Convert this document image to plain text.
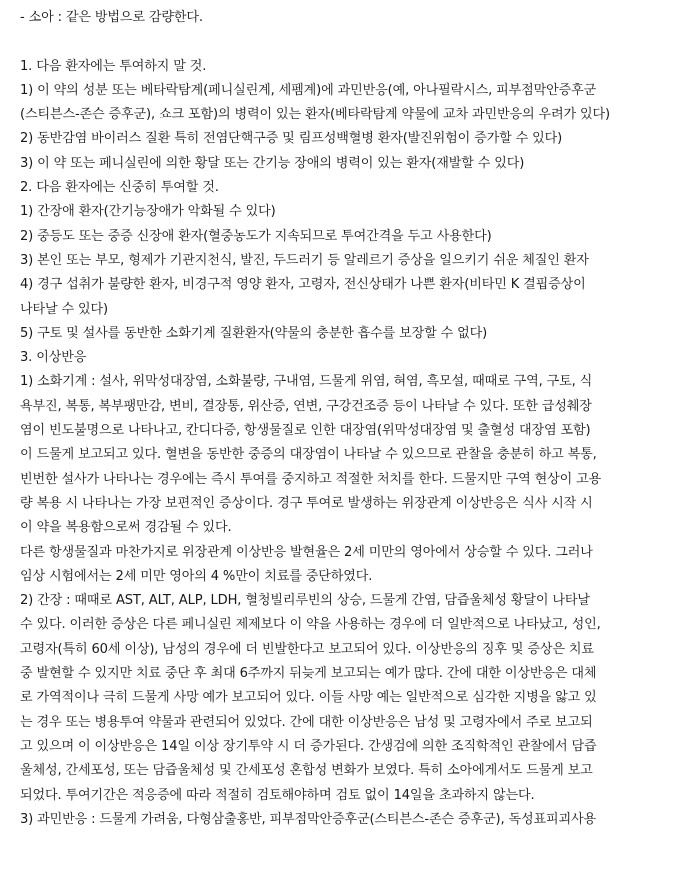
- 소아 : 같은 방법으로 감량한다.
1. 다음 환자에는 투여하지 말 것.
1) 이 약의 성분 또는 베타락탐계(페니실린계, 세펨계)에 과민반응(예, 아나필락시스, 피부점막안증후군
(스티븐스-존슨 증후군), 쇼크 포함)의 병력이 있는 환자(베타락탐계 약물에 교차 과민반응의 우려가 있다)
2) 동반감염 바이러스 질환 특히 전염단핵구증 및 림프성백혈병 환자(발진위험이 증가할 수 있다)
3) 이 약 또는 페니실린에 의한 황달 또는 간기능 장애의 병력이 있는 환자(재발할 수 있다)
2. 다음 환자에는 신중히 투여할 것.
1) 간장애 환자(간기능장애가 악화될 수 있다)
2) 중등도 또는 중증 신장애 환자(혈중농도가 지속되므로 투여간격을 두고 사용한다)
3) 본인 또는 부모, 형제가 기관지천식, 발진, 두드러기 등 알레르기 증상을 일으키기 쉬운 체질인 환자
4) 경구 섭취가 불량한 환자, 비경구적 영양 환자, 고령자, 전신상태가 나쁜 환자(비타민 K 결핍증상이
나타날 수 있다)
5) 구토 및 설사를 동반한 소화기계 질환환자(약물의 충분한 흡수를 보장할 수 없다)
3. 이상반응
1) 소화기계 : 설사, 위막성대장염, 소화불량, 구내염, 드물게 위염, 혀염, 흑모설, 때때로 구역, 구토, 식
욕부진, 복통, 복부팽만감, 변비, 결장통, 위산증, 연변, 구강건조증 등이 나타날 수 있다. 또한 급성췌장
염이 빈도불명으로 나타나고, 칸디다증, 항생물질로 인한 대장염(위막성대장염 및 출혈성 대장염 포함)
이 드물게 보고되고 있다. 혈변을 동반한 중증의 대장염이 나타날 수 있으므로 관찰을 충분히 하고 복통,
빈번한 설사가 나타나는 경우에는 즉시 투여를 중지하고 적절한 처치를 한다. 드물지만 구역 현상이 고용
량 복용 시 나타나는 가장 보편적인 증상이다. 경구 투여로 발생하는 위장관계 이상반응은 식사 시작 시
이 약을 복용함으로써 경감될 수 있다.
다른 항생물질과 마찬가지로 위장관계 이상반응 발현율은 2세 미만의 영아에서 상승할 수 있다. 그러나
임상 시험에서는 2세 미만 영아의 4 %만이 치료를 중단하였다.
2) 간장 : 때때로 AST, ALT, ALP, LDH, 혈청빌리루빈의 상승, 드물게 간염, 담즙울체성 황달이 나타날
수 있다. 이러한 증상은 다른 페니실린 제제보다 이 약을 사용하는 경우에 더 일반적으로 나타났고, 성인,
고령자(특히 60세 이상), 남성의 경우에 더 빈발한다고 보고되어 있다. 이상반응의 징후 및 증상은 치료
중 발현할 수 있지만 치료 중단 후 최대 6주까지 뒤늦게 보고되는 예가 많다. 간에 대한 이상반응은 대체
로 가역적이나 극히 드물게 사망 예가 보고되어 있다. 이들 사망 예는 일반적으로 심각한 지병을 앓고 있
는 경우 또는 병용투여 약물과 관련되어 있었다. 간에 대한 이상반응은 남성 및 고령자에서 주로 보고되
고 있으며 이 이상반응은 14일 이상 장기투약 시 더 증가된다. 간생검에 의한 조직학적인 관찰에서 담즙
울체성, 간세포성, 또는 담즙울체성 및 간세포성 혼합성 변화가 보였다. 특히 소아에게서도 드물게 보고
되었다. 투여기간은 적응증에 따라 적절히 검토해야하며 검토 없이 14일을 초과하지 않는다.
3) 과민반응 : 드물게 가려움, 다형삼출홍반, 피부점막안증후군(스티븐스-존슨 증후군), 독성표피괴사용
